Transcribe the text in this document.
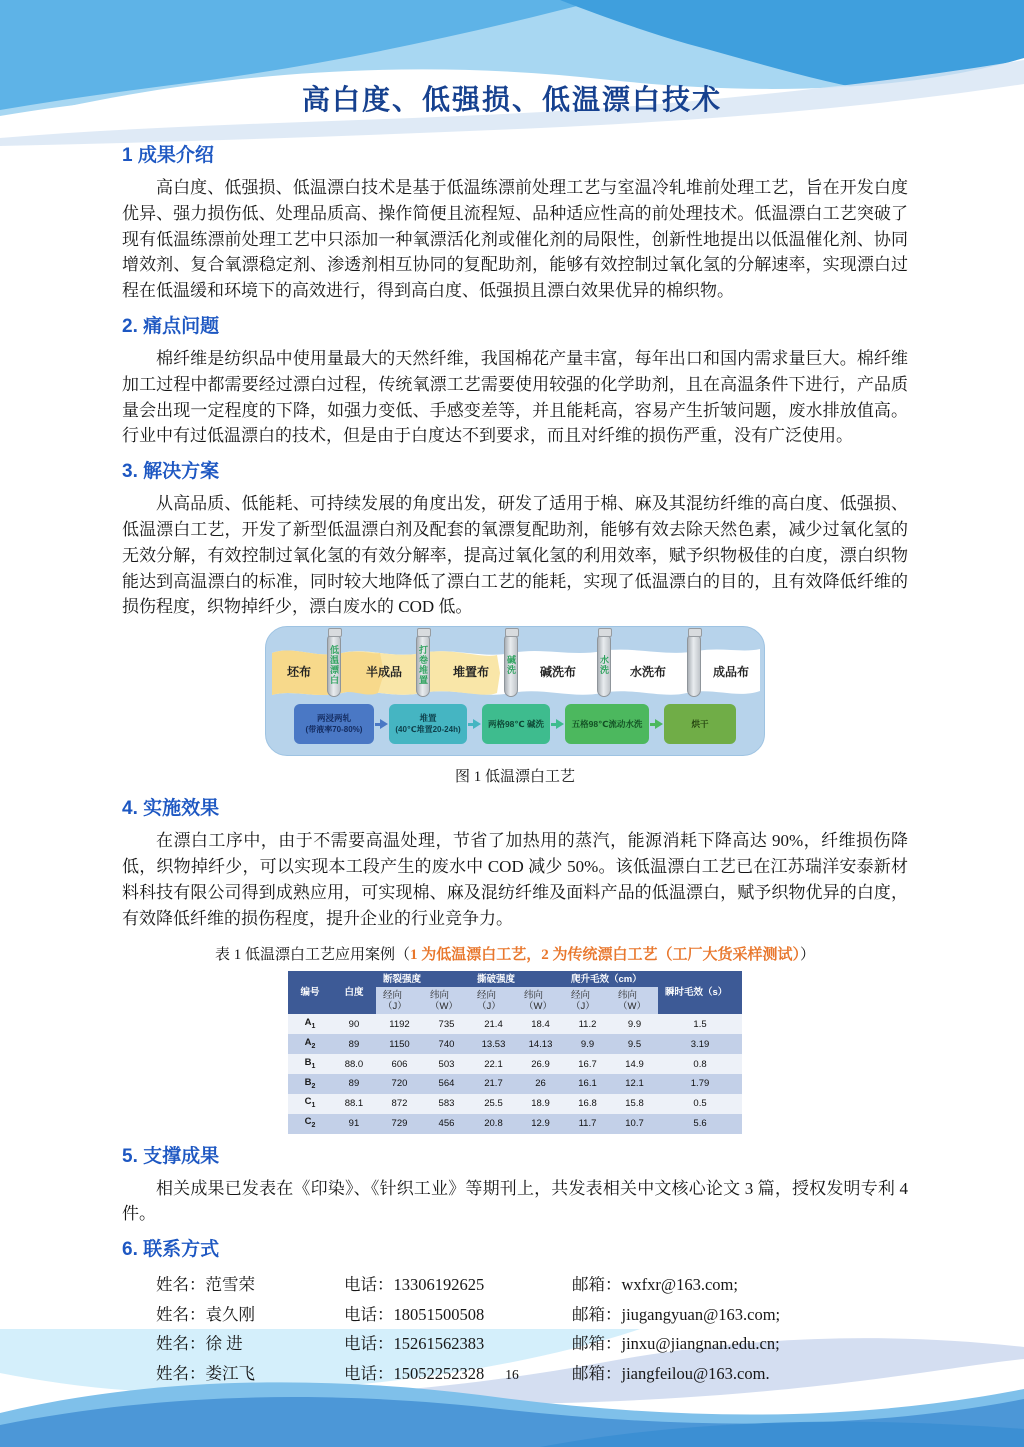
高白度、低强损、低温漂白技术
1 成果介绍

高白度、低强损、低温漂白技术是基于低温练漂前处理工艺与室温冷轧堆前处理工艺，旨在开发白度优异、强力损伤低、处理品质高、操作简便且流程短、品种适应性高的前处理技术。低温漂白工艺突破了现有低温练漂前处理工艺中只添加一种氧漂活化剂或催化剂的局限性，创新性地提出以低温催化剂、协同增效剂、复合氧漂稳定剂、渗透剂相互协同的复配助剂，能够有效控制过氧化氢的分解速率，实现漂白过程在低温缓和环境下的高效进行，得到高白度、低强损且漂白效果优异的棉织物。

2. 痛点问题

棉纤维是纺织品中使用量最大的天然纤维，我国棉花产量丰富，每年出口和国内需求量巨大。棉纤维加工过程中都需要经过漂白过程，传统氧漂工艺需要使用较强的化学助剂，且在高温条件下进行，产品质量会出现一定程度的下降，如强力变低、手感变差等，并且能耗高，容易产生折皱问题，废水排放值高。行业中有过低温漂白的技术，但是由于白度达不到要求，而且对纤维的损伤严重，没有广泛使用。

3. 解决方案

从高品质、低能耗、可持续发展的角度出发，研发了适用于棉、麻及其混纺纤维的高白度、低强损、低温漂白工艺，开发了新型低温漂白剂及配套的氧漂复配助剂，能够有效去除天然色素，减少过氧化氢的无效分解，有效控制过氧化氢的有效分解率，提高过氧化氢的利用效率，赋予织物极佳的白度，漂白织物能达到高温漂白的标准，同时较大地降低了漂白工艺的能耗，实现了低温漂白的目的，且有效降低纤维的损伤程度，织物掉纤少，漂白废水的 COD 低。

低温漂白	打卷堆置	碱洗	水洗
坯布	半成品	堆置布	碱洗布	水洗布	成品布
两浸两轧
(带液率70-80%)
堆置
(40℃堆置20-24h)
两格98℃ 碱洗	五格98℃流动水洗	烘干
图 1 低温漂白工艺
4. 实施效果

在漂白工序中，由于不需要高温处理，节省了加热用的蒸汽，能源消耗下降高达 90%，纤维损伤降低，织物掉纤少，可以实现本工段产生的废水中 COD 减少 50%。该低温漂白工艺已在江苏瑞洋安泰新材料科技有限公司得到成熟应用，可实现棉、麻及混纺纤维及面料产品的低温漂白，赋予织物优异的白度，有效降低纤维的损伤程度，提升企业的行业竞争力。

表 1 低温漂白工艺应用案例（1 为低温漂白工艺，2 为传统漂白工艺（工厂大货采样测试））
编号	白度	断裂强度		撕破强度		爬升毛效（cm）		瞬时毛效（s）
		经向（J）	纬向（W）	经向（J）	纬向（W）	经向（J）	纬向（W）	
$A_1$	90	1192	735	21.4	18.4	11.2	9.9	1.5
$A_2$	89	1150	740	13.53	14.13	9.9	9.5	3.19
$B_1$	88.0	606	503	22.1	26.9	16.7	14.9	0.8
$B_2$	89	720	564	21.7	26	16.1	12.1	1.79
$C_1$	88.1	872	583	25.5	18.9	16.8	15.8	0.5
$C_2$	91	729	456	20.8	12.9	11.7	10.7	5.6
5. 支撑成果

相关成果已发表在《印染》、《针织工业》等期刊上，共发表相关中文核心论文 3 篇，授权发明专利 4 件。

6. 联系方式
姓名：范雪荣	电话：13306192625	邮箱：wxfxr@163.com;
姓名：袁久刚	电话：18051500508	邮箱：jiugangyuan@163.com;
姓名：徐 进	电话：15261562383	邮箱：jinxu@jiangnan.edu.cn;
姓名：娄江飞	电话：15052252328	邮箱：jiangfeilou@163.com.
16
